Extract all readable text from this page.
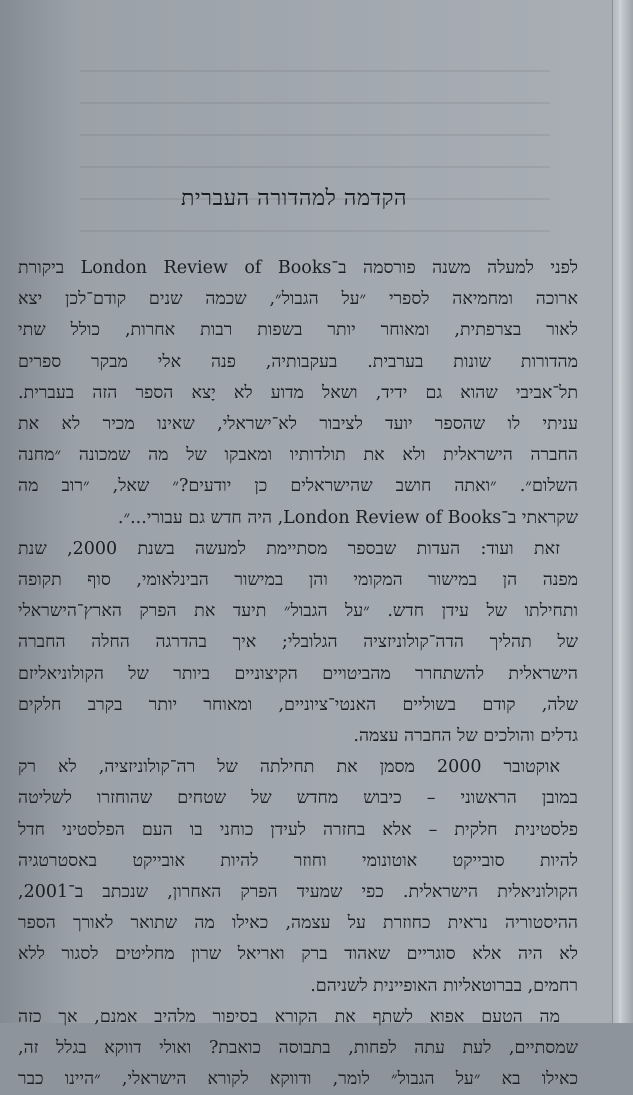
הקדמה למהדורה העברית

לפני למעלה משנה פורסמה ב־London Review of Books ביקורת
ארוכה ומחמיאה לספרי ״על הגבול״, שכמה שנים קודם־לכן יצא
לאור בצרפתית, ומאוחר יותר בשפות רבות אחרות, כולל שתי
מהדורות שונות בערבית. בעקבותיה, פנה אלי מבקר ספרים
תל־אביבי שהוא גם ידיד, ושאל מדוע לא יָצא הספר הזה בעברית.
עניתי לו שהספר יועד לציבור לא־ישראלי, שאינו מכיר לא את
החברה הישראלית ולא את תולדותיו ומאבקו של מה שמכונה ״מחנה
השלום״. ״ואתה חושב שהישראלים כן יודעים?״ שאל, ״רוב מה
שקראתי ב־London Review of Books, היה חדש גם עבורי...״.

זאת ועוד: העדות שבספר מסתיימת למעשה בשנת 2000, שנת
מפנה הן במישור המקומי והן במישור הבינלאומי, סוף תקופה
ותחילתו של עידן חדש. ״על הגבול״ תיעד את הפרק הארץ־הישראלי
של תהליך הדה־קולוניזציה הגלובלי; איך בהדרגה החלה החברה
הישראלית להשתחרר מהביטויים הקיצוניים ביותר של הקולוניאליזם
שלה, קודם בשוליים האנטי־ציוניים, ומאוחר יותר בקרב חלקים
גדלים והולכים של החברה עצמה.

אוקטובר 2000 מסמן את תחילתה של רה־קולוניזציה, לא רק
במובן הראשוני – כיבוש מחדש של שטחים שהוחזרו לשליטה
פלסטינית חלקית – אלא בחזרה לעידן כוחני בו העם הפלסטיני חדל
להיות סובייקט אוטונומי וחוזר להיות אובייקט באסטרטגיה
הקולוניאלית הישראלית. כפי שמעיד הפרק האחרון, שנכתב ב־2001,
ההיסטוריה נראית כחוזרת על עצמה, כאילו מה שתואר לאורך הספר
לא היה אלא סוגריים שאהוד ברק ואריאל שרון מחליטים לסגור ללא
רחמים, בברוטאליות האופיינית לשניהם.

מה הטעם אפוא לשתף את הקורא בסיפור מלהיב אמנם, אך כזה
שמסתיים, לעת עתה לפחות, בתבוסה כואבת? ואולי דווקא בגלל זה,
כאילו בא ״על הגבול״ לומר, ודווקא לקורא הישראלי, ״היינו כבר
